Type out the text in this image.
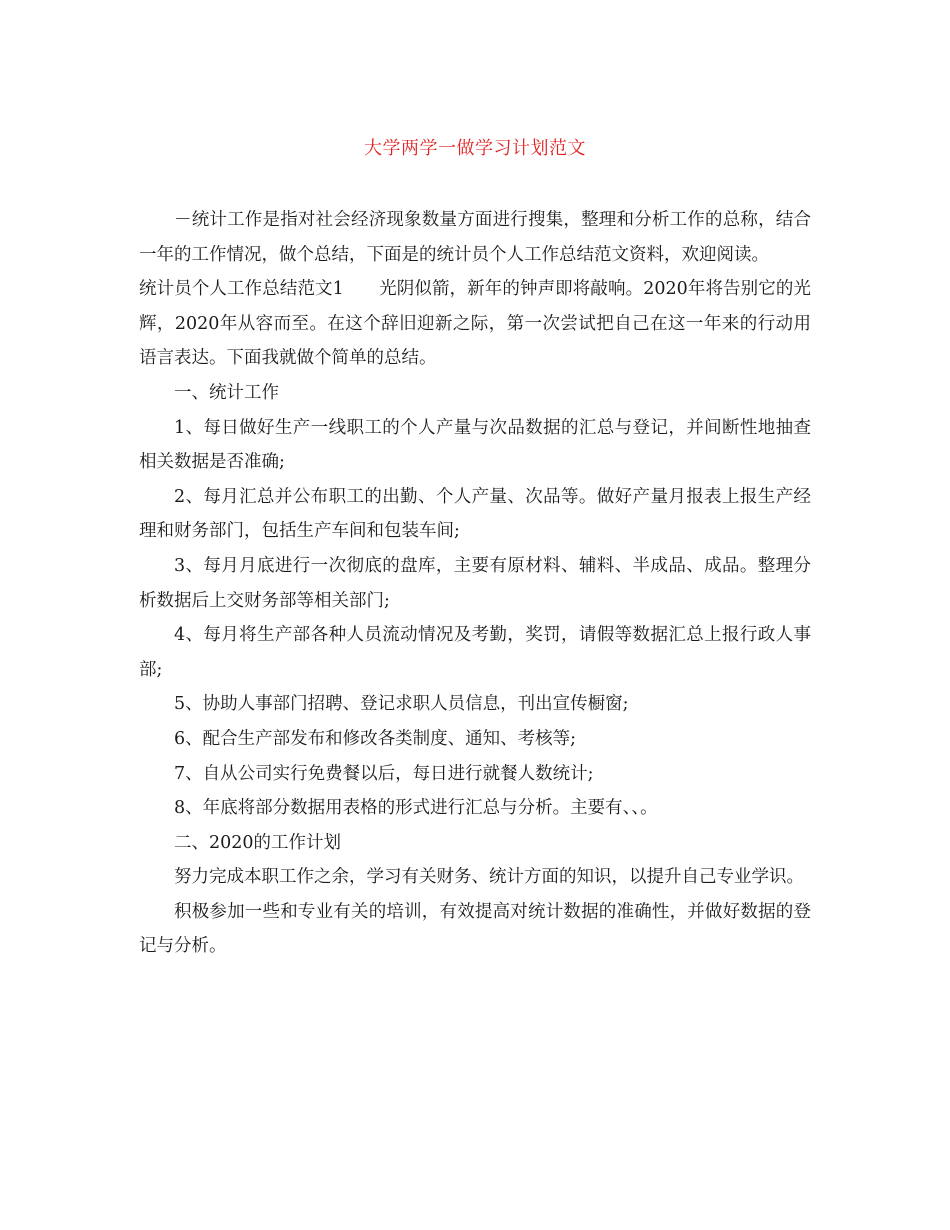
大学两学一做学习计划范文

－统计工作是指对社会经济现象数量方面进行搜集，整理和分析工作的总称，结合一年的工作情况，做个总结，下面是的统计员个人工作总结范文资料，欢迎阅读。

统计员个人工作总结范文1　　光阴似箭，新年的钟声即将敲响。2020年将告别它的光辉，2020年从容而至。在这个辞旧迎新之际，第一次尝试把自己在这一年来的行动用语言表达。下面我就做个简单的总结。

一、统计工作

1、每日做好生产一线职工的个人产量与次品数据的汇总与登记，并间断性地抽查相关数据是否准确;

2、每月汇总并公布职工的出勤、个人产量、次品等。做好产量月报表上报生产经理和财务部门，包括生产车间和包装车间;

3、每月月底进行一次彻底的盘库，主要有原材料、辅料、半成品、成品。整理分析数据后上交财务部等相关部门;

4、每月将生产部各种人员流动情况及考勤，奖罚，请假等数据汇总上报行政人事部;

5、协助人事部门招聘、登记求职人员信息，刊出宣传橱窗;

6、配合生产部发布和修改各类制度、通知、考核等;

7、自从公司实行免费餐以后，每日进行就餐人数统计;

8、年底将部分数据用表格的形式进行汇总与分析。主要有、、。

二、2020的工作计划

努力完成本职工作之余，学习有关财务、统计方面的知识，以提升自己专业学识。

积极参加一些和专业有关的培训，有效提高对统计数据的准确性，并做好数据的登记与分析。
